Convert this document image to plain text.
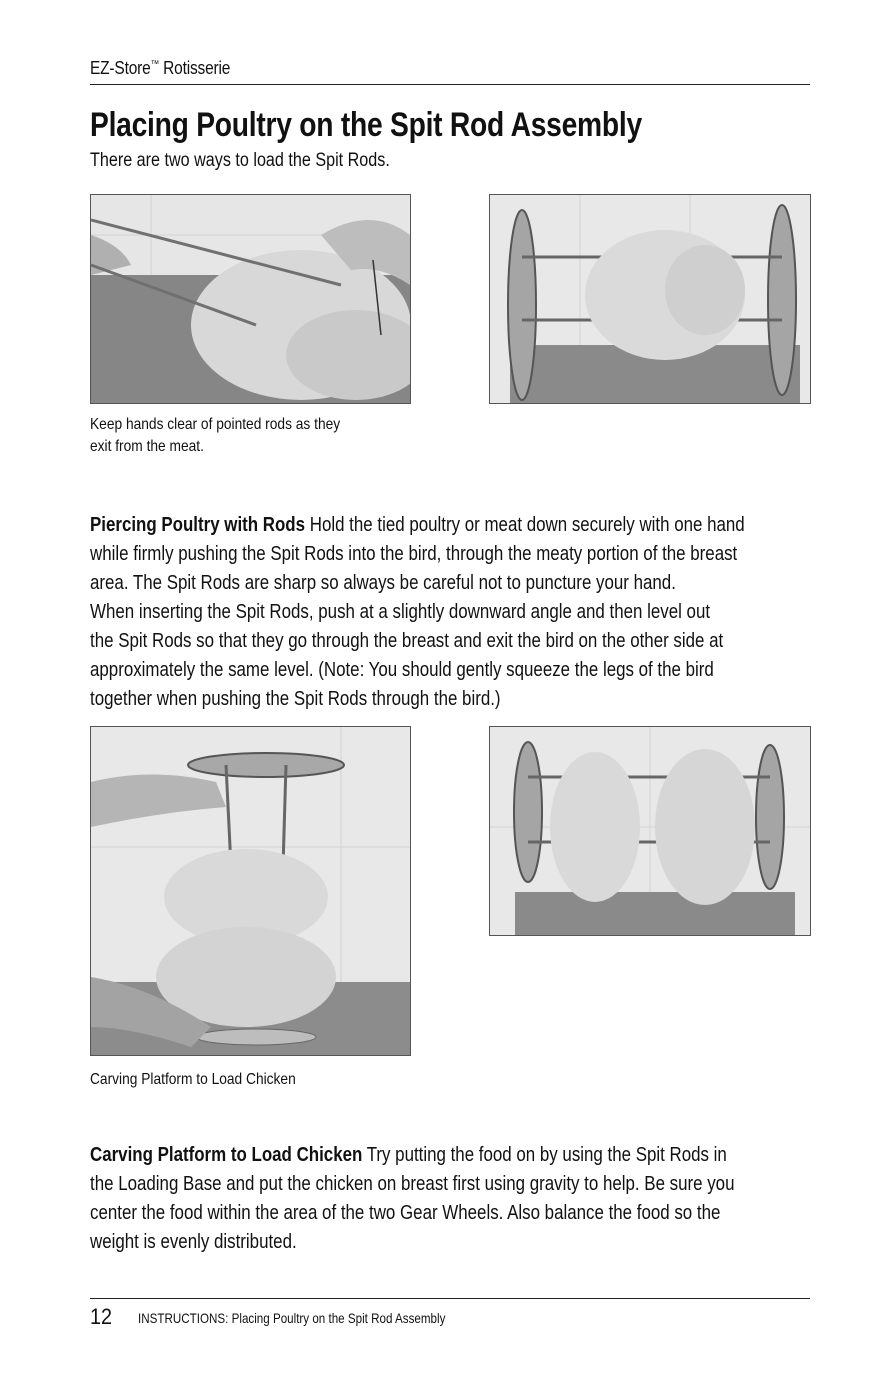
EZ-Store™ Rotisserie
Placing Poultry on the Spit Rod Assembly

There are two ways to load the Spit Rods.

Keep hands clear of pointed rods as they
exit from the meat.

Piercing Poultry with Rods Hold the tied poultry or meat down securely with one hand
while firmly pushing the Spit Rods into the bird, through the meaty portion of the breast
area. The Spit Rods are sharp so always be careful not to puncture your hand.
When inserting the Spit Rods, push at a slightly downward angle and then level out
the Spit Rods so that they go through the breast and exit the bird on the other side at
approximately the same level. (Note: You should gently squeeze the legs of the bird
together when pushing the Spit Rods through the bird.)

Carving Platform to Load Chicken

Carving Platform to Load Chicken Try putting the food on by using the Spit Rods in
the Loading Base and put the chicken on breast first using gravity to help. Be sure you
center the food within the area of the two Gear Wheels. Also balance the food so the
weight is evenly distributed.
12 INSTRUCTIONS: Placing Poultry on the Spit Rod Assembly
